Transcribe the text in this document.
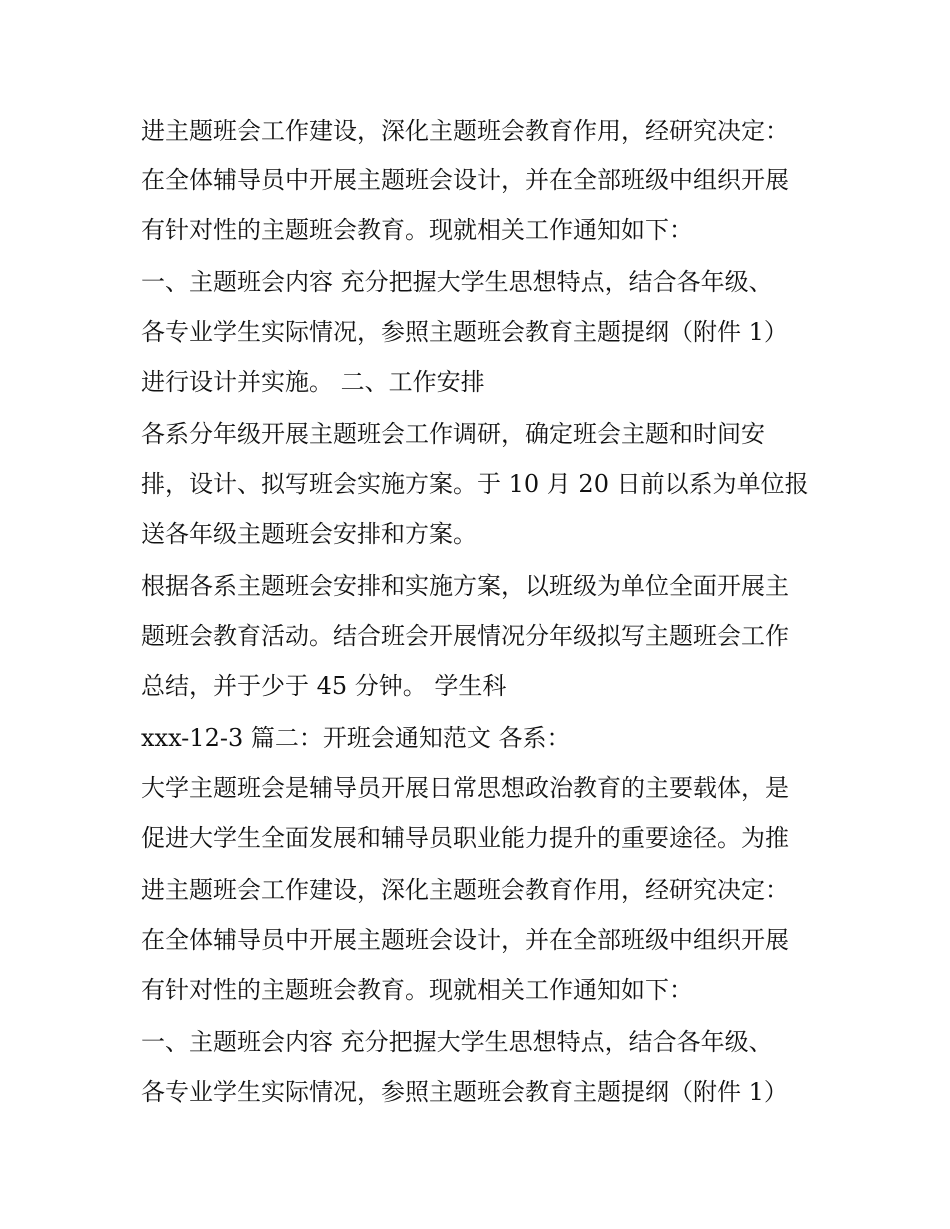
进主题班会工作建设，深化主题班会教育作用，经研究决定：
在全体辅导员中开展主题班会设计，并在全部班级中组织开展
有针对性的主题班会教育。现就相关工作通知如下：
一、主题班会内容 充分把握大学生思想特点，结合各年级、
各专业学生实际情况，参照主题班会教育主题提纲（附件 1）
进行设计并实施。 二、工作安排
各系分年级开展主题班会工作调研，确定班会主题和时间安
排，设计、拟写班会实施方案。于 10 月 20 日前以系为单位报
送各年级主题班会安排和方案。
根据各系主题班会安排和实施方案，以班级为单位全面开展主
题班会教育活动。结合班会开展情况分年级拟写主题班会工作
总结，并于少于 45 分钟。 学生科
xxx-12-3 篇二：开班会通知范文 各系：
大学主题班会是辅导员开展日常思想政治教育的主要载体，是
促进大学生全面发展和辅导员职业能力提升的重要途径。为推
进主题班会工作建设，深化主题班会教育作用，经研究决定：
在全体辅导员中开展主题班会设计，并在全部班级中组织开展
有针对性的主题班会教育。现就相关工作通知如下：
一、主题班会内容 充分把握大学生思想特点，结合各年级、
各专业学生实际情况，参照主题班会教育主题提纲（附件 1）
